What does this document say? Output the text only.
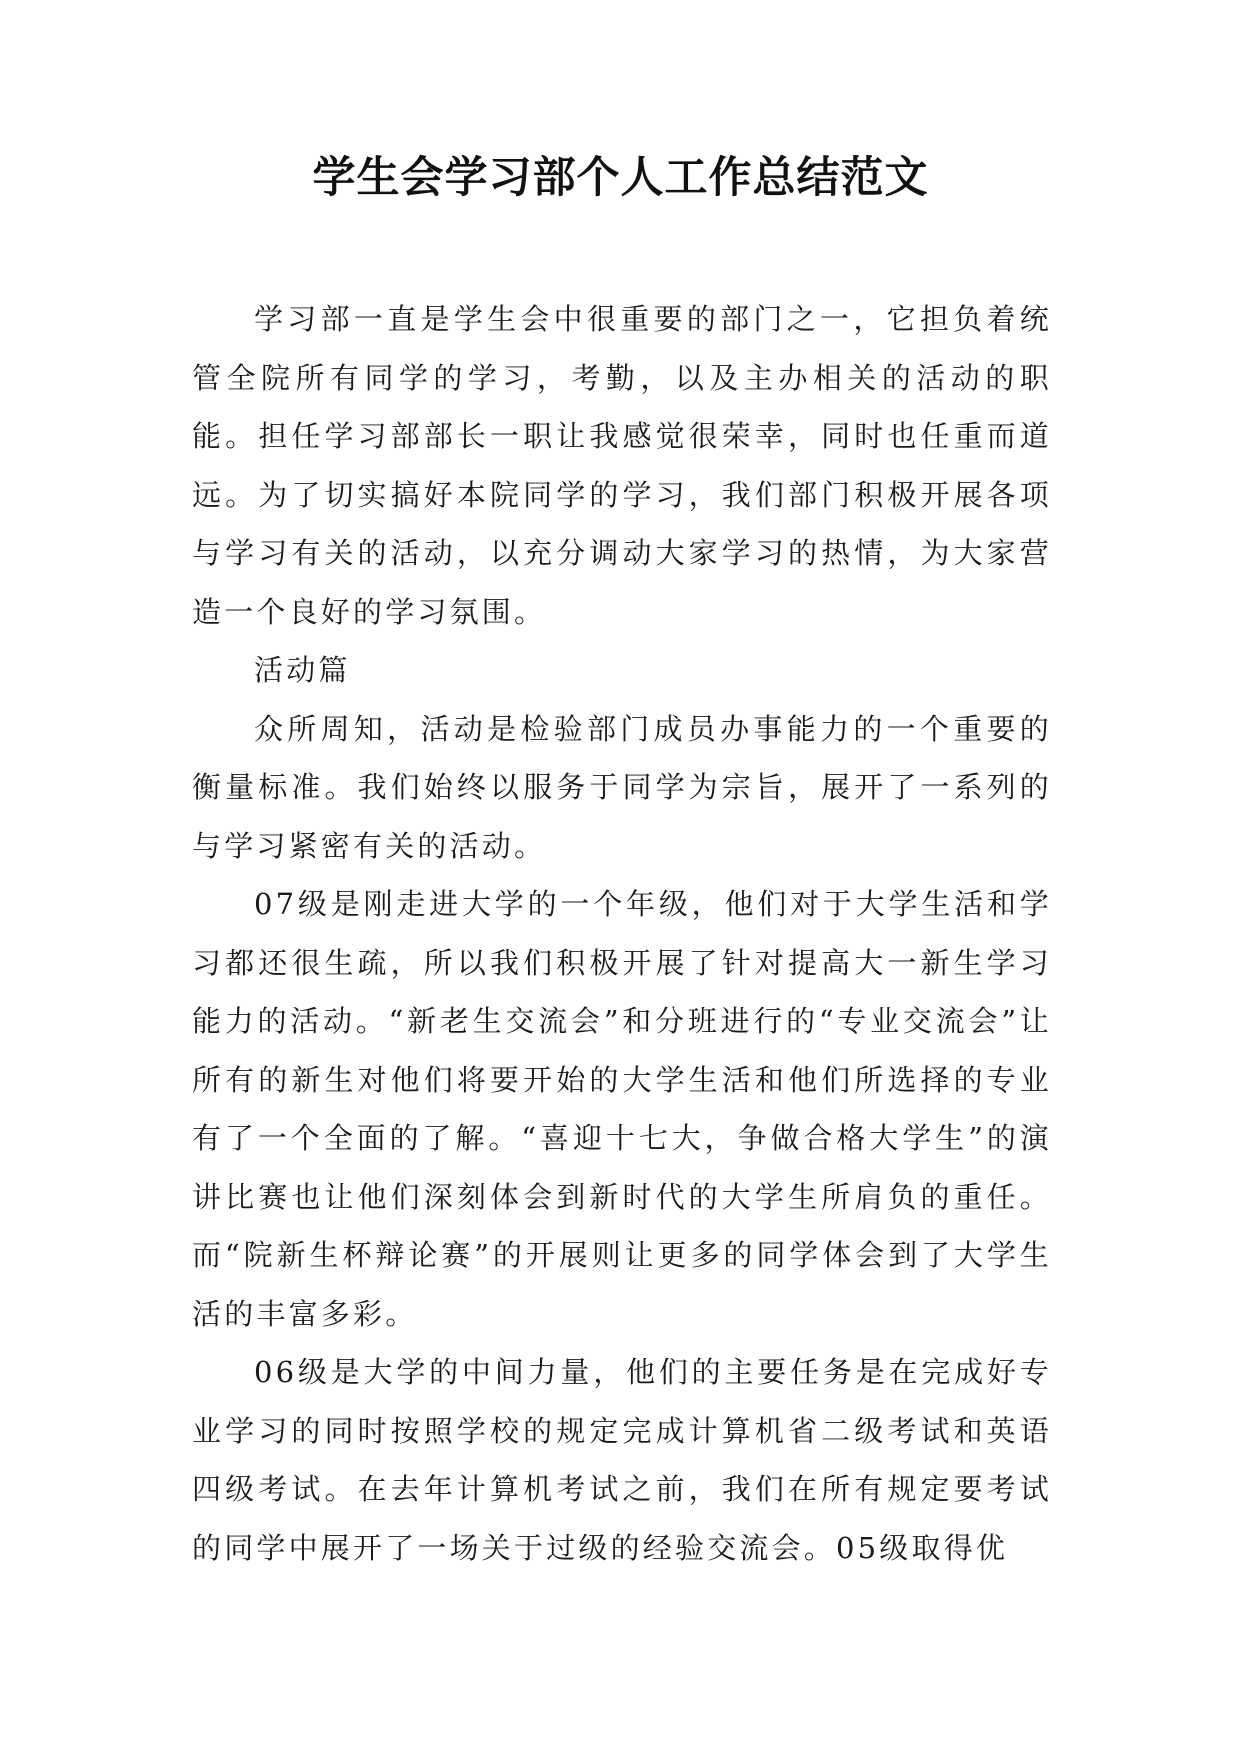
学生会学习部个人工作总结范文

学习部一直是学生会中很重要的部门之一，它担负着统管全院所有同学的学习，考勤，以及主办相关的活动的职能。担任学习部部长一职让我感觉很荣幸，同时也任重而道远。为了切实搞好本院同学的学习，我们部门积极开展各项与学习有关的活动，以充分调动大家学习的热情，为大家营造一个良好的学习氛围。

活动篇

众所周知，活动是检验部门成员办事能力的一个重要的衡量标准。我们始终以服务于同学为宗旨，展开了一系列的与学习紧密有关的活动。

07级是刚走进大学的一个年级，他们对于大学生活和学习都还很生疏，所以我们积极开展了针对提高大一新生学习能力的活动。“新老生交流会”和分班进行的“专业交流会”让所有的新生对他们将要开始的大学生活和他们所选择的专业有了一个全面的了解。“喜迎十七大，争做合格大学生”的演讲比赛也让他们深刻体会到新时代的大学生所肩负的重任。而“院新生杯辩论赛”的开展则让更多的同学体会到了大学生活的丰富多彩。

06级是大学的中间力量，他们的主要任务是在完成好专业学习的同时按照学校的规定完成计算机省二级考试和英语四级考试。在去年计算机考试之前，我们在所有规定要考试的同学中展开了一场关于过级的经验交流会。05级取得优
